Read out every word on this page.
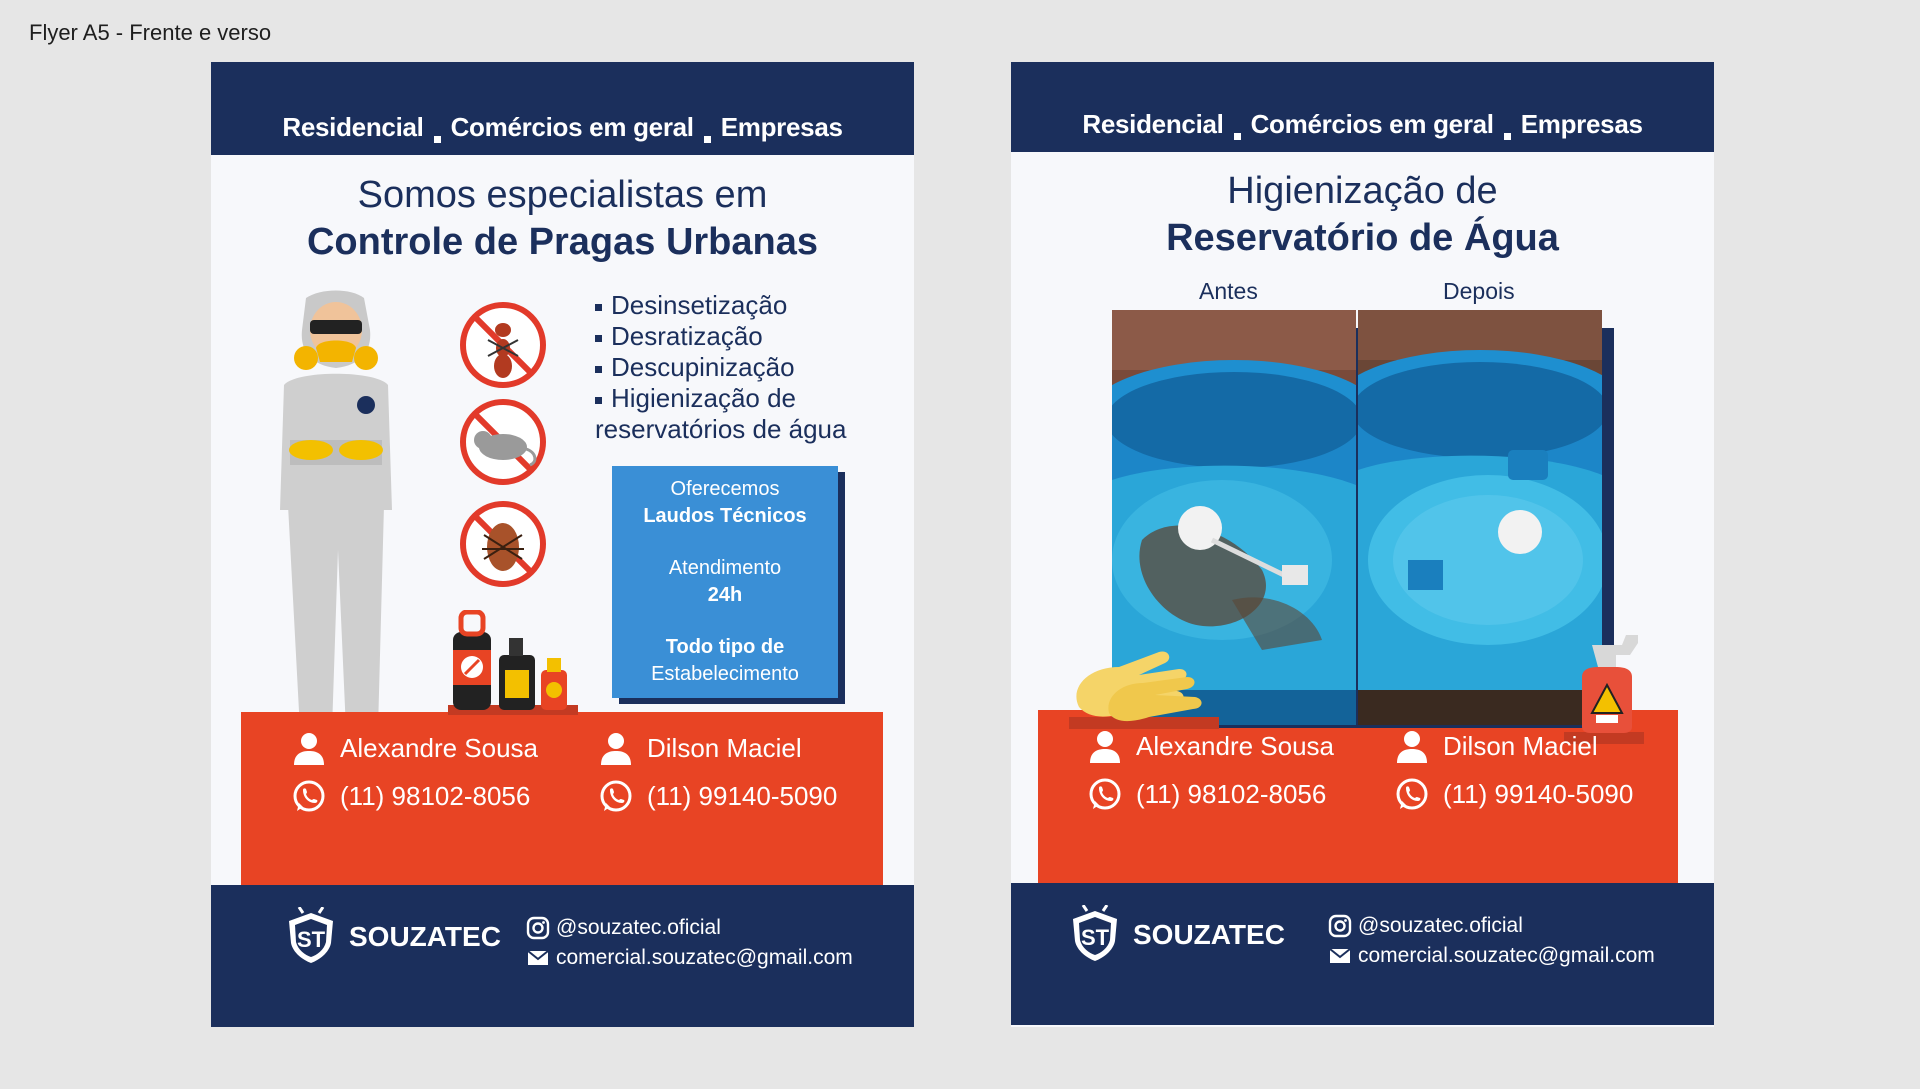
Flyer A5 - Frente e verso
Residencial Comércios em geral Empresas
Somos especialistas em
Controle de Pragas Urbanas
Desinsetização
Desratização
Descupinização
Higienização de
reservatórios de água
Oferecemos
Laudos Técnicos
Atendimento
24h
Todo tipo de
Estabelecimento
Alexandre Sousa
(11) 98102-8056
Dilson Maciel
(11) 99140-5090
SOUZATEC	@souzatec.oficial
comercial.souzatec@gmail.com
Residencial Comércios em geral Empresas
Higienização de
Reservatório de Água
Antes	Depois
Alexandre Sousa
(11) 98102-8056
Dilson Maciel
(11) 99140-5090
SOUZATEC	@souzatec.oficial
comercial.souzatec@gmail.com
